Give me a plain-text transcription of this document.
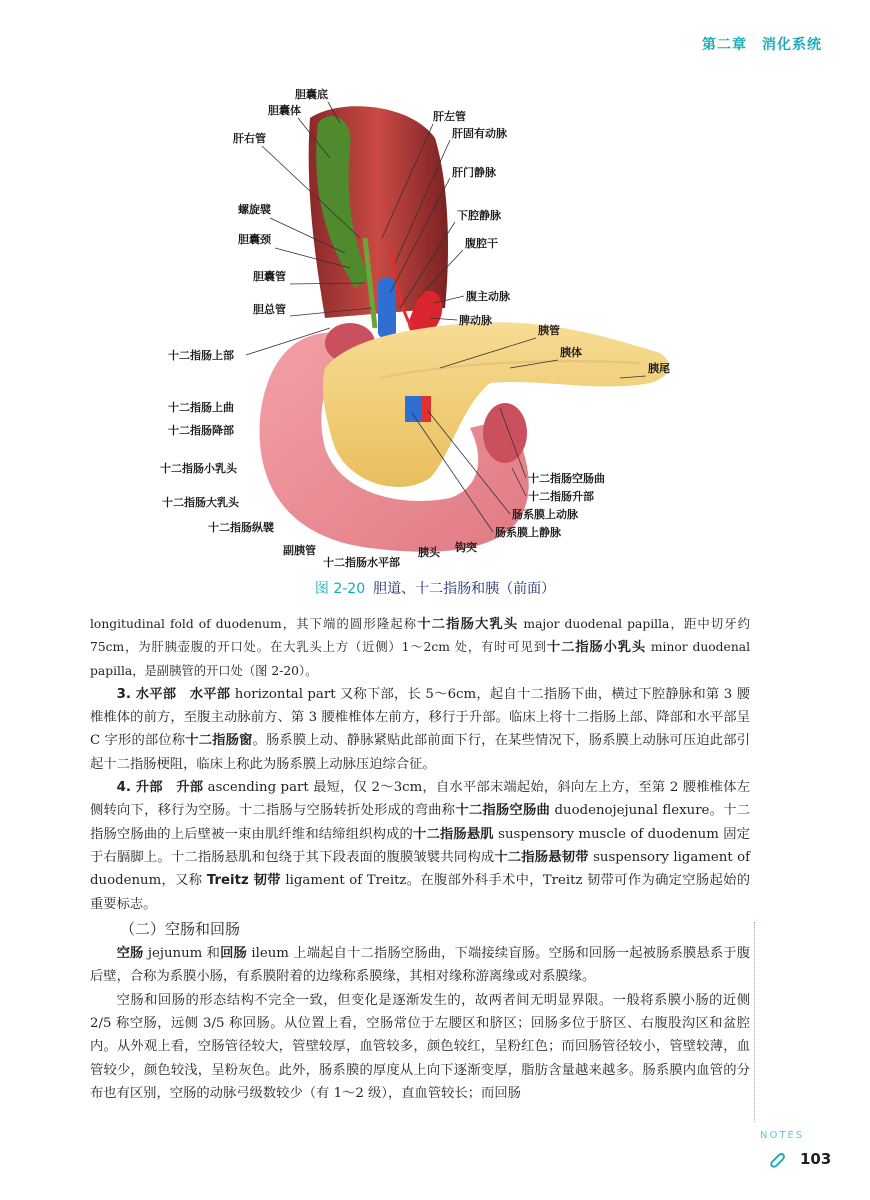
第二章　消化系统
胆囊底
胆囊体
肝右管
螺旋襞
胆囊颈
胆囊管
胆总管
十二指肠上部
十二指肠上曲
十二指肠降部
十二指肠小乳头
十二指肠大乳头
十二指肠纵襞
副胰管
十二指肠水平部
胰头 钩突
肝左管
肝固有动脉
肝门静脉
下腔静脉
腹腔干
腹主动脉
脾动脉
胰管
胰体
胰尾
十二指肠空肠曲
十二指肠升部
肠系膜上动脉
肠系膜上静脉
图 2-20 胆道、十二指肠和胰（前面）

longitudinal fold of duodenum，其下端的圆形隆起称十二指肠大乳头 major duodenal papilla，距中切牙约 75cm，为肝胰壶腹的开口处。在大乳头上方（近侧）1～2cm 处，有时可见到十二指肠小乳头 minor duodenal papilla，是副胰管的开口处（图 2-20）。

3. 水平部　水平部 horizontal part 又称下部，长 5～6cm，起自十二指肠下曲，横过下腔静脉和第 3 腰椎椎体的前方，至腹主动脉前方、第 3 腰椎椎体左前方，移行于升部。临床上将十二指肠上部、降部和水平部呈 C 字形的部位称十二指肠窗。肠系膜上动、静脉紧贴此部前面下行，在某些情况下，肠系膜上动脉可压迫此部引起十二指肠梗阻，临床上称此为肠系膜上动脉压迫综合征。

4. 升部　升部 ascending part 最短，仅 2～3cm，自水平部末端起始，斜向左上方，至第 2 腰椎椎体左侧转向下，移行为空肠。十二指肠与空肠转折处形成的弯曲称十二指肠空肠曲 duodenojejunal flexure。十二指肠空肠曲的上后壁被一束由肌纤维和结缔组织构成的十二指肠悬肌 suspensory muscle of duodenum 固定于右膈脚上。十二指肠悬肌和包绕于其下段表面的腹膜皱襞共同构成十二指肠悬韧带 suspensory ligament of duodenum，又称 Treitz 韧带 ligament of Treitz。在腹部外科手术中，Treitz 韧带可作为确定空肠起始的重要标志。

（二）空肠和回肠

空肠 jejunum 和回肠 ileum 上端起自十二指肠空肠曲，下端接续盲肠。空肠和回肠一起被肠系膜悬系于腹后壁，合称为系膜小肠，有系膜附着的边缘称系膜缘，其相对缘称游离缘或对系膜缘。

空肠和回肠的形态结构不完全一致，但变化是逐渐发生的，故两者间无明显界限。一般将系膜小肠的近侧 2/5 称空肠，远侧 3/5 称回肠。从位置上看，空肠常位于左腰区和脐区；回肠多位于脐区、右腹股沟区和盆腔内。从外观上看，空肠管径较大，管壁较厚，血管较多，颜色较红，呈粉红色；而回肠管径较小，管壁较薄，血管较少，颜色较浅，呈粉灰色。此外，肠系膜的厚度从上向下逐渐变厚，脂肪含量越来越多。肠系膜内血管的分布也有区别，空肠的动脉弓级数较少（有 1～2 级），直血管较长；而回肠

NOTES
103
